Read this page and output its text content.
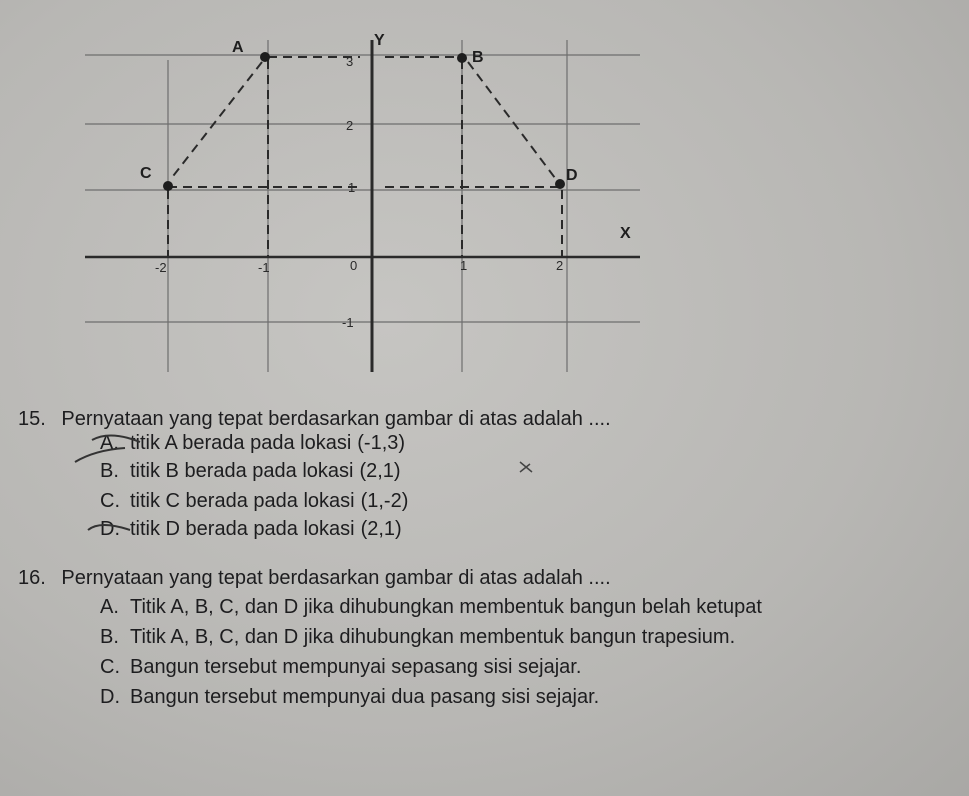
A
B
C	D
Y
X
-2	-1	0	1	2
3
2
1
-1
15. Pernyataan yang tepat berdasarkan gambar di atas adalah ....
A. titik A berada pada lokasi (-1,3)
B. titik B berada pada lokasi (2,1)
C. titik C berada pada lokasi (1,-2)
D. titik D berada pada lokasi (2,1)
16. Pernyataan yang tepat berdasarkan gambar di atas adalah ....
A. Titik A, B, C, dan D jika dihubungkan membentuk bangun belah ketupat
B. Titik A, B, C, dan D jika dihubungkan membentuk bangun trapesium.
C. Bangun tersebut mempunyai sepasang sisi sejajar.
D. Bangun tersebut mempunyai dua pasang sisi sejajar.
